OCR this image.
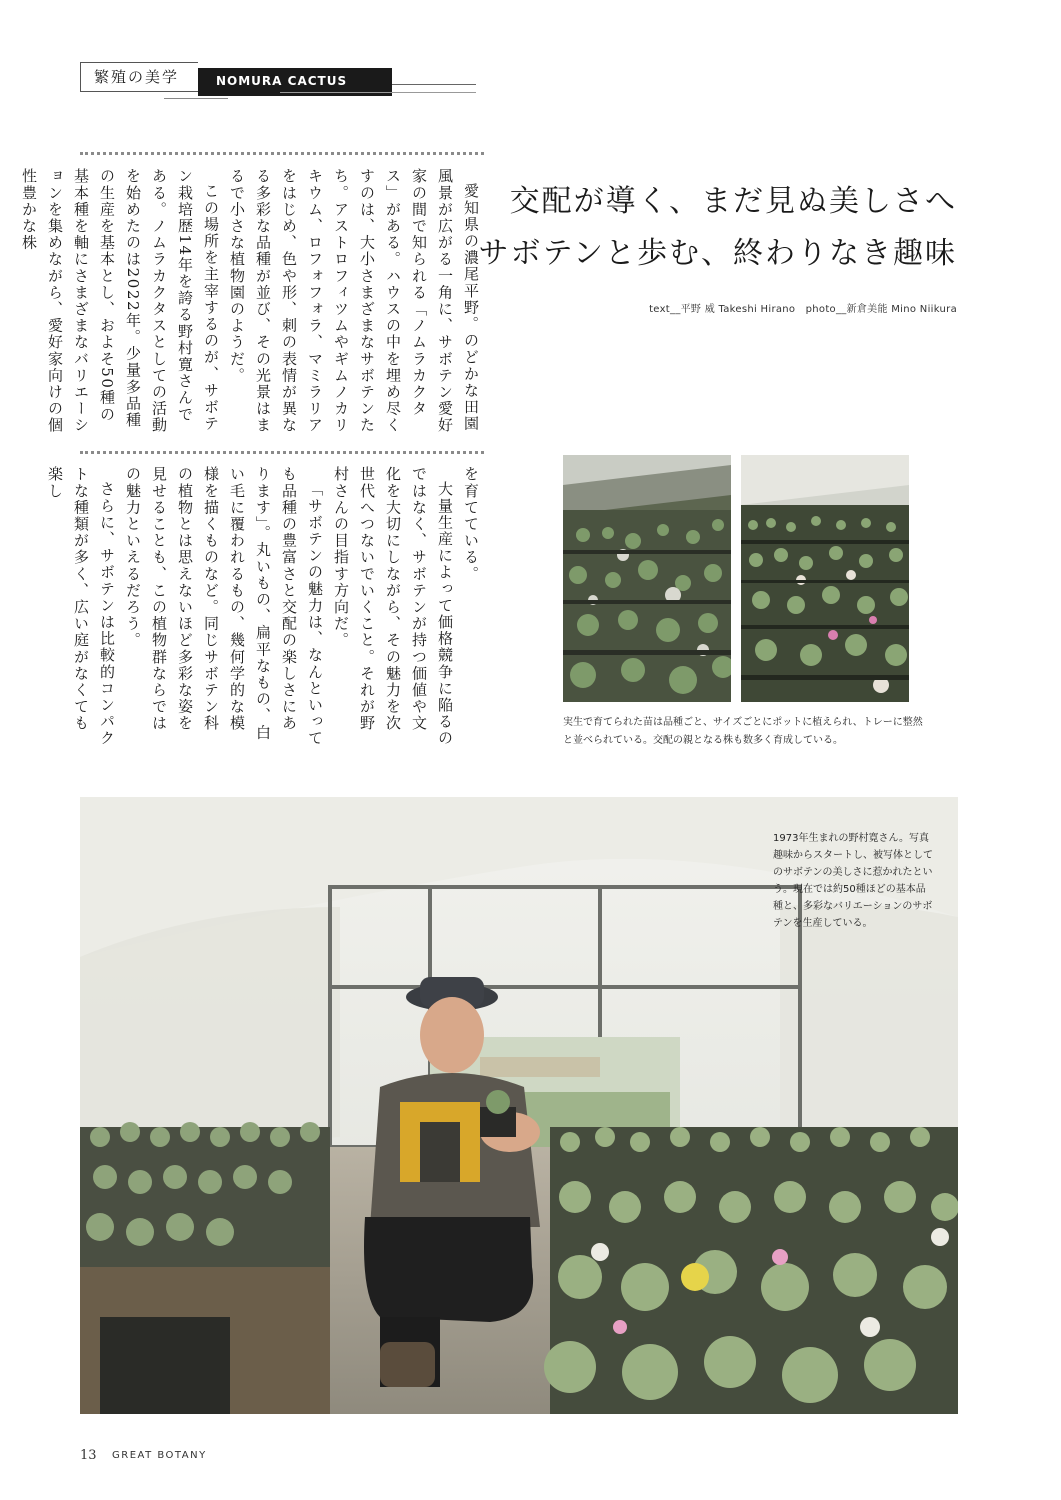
繁殖の美学	NOMURA CACTUS

愛知県の濃尾平野。のどかな田園風景が広がる一角に、サボテン愛好家の間で知られる「ノムラカクタス」がある。ハウスの中を埋め尽くすのは、大小さまざまなサボテンたち。アストロフィツムやギムノカリキウム、ロフォフォラ、マミラリアをはじめ、色や形、刺の表情が異なる多彩な品種が並び、その光景はまるで小さな植物園のようだ。

この場所を主宰するのが、サボテン栽培歴14年を誇る野村寛さんである。ノムラカクタスとしての活動を始めたのは2022年。少量多品種の生産を基本とし、およそ50種の基本種を軸にさまざまなバリエーションを集めながら、愛好家向けの個性豊かな株

を育てている。

大量生産によって価格競争に陥るのではなく、サボテンが持つ価値や文化を大切にしながら、その魅力を次世代へつないでいくこと。それが野村さんの目指す方向だ。

「サボテンの魅力は、なんといっても品種の豊富さと交配の楽しさにあります」。丸いもの、扁平なもの、白い毛に覆われるもの、幾何学的な模様を描くものなど。同じサボテン科の植物とは思えないほど多彩な姿を見せることも、この植物群ならではの魅力といえるだろう。

さらに、サボテンは比較的コンパクトな種類が多く、広い庭がなくても楽し

交配が導く、まだ見ぬ美しさへ
サボテンと歩む、終わりなき趣味
text__平野 威 Takeshi Hirano　photo__新倉美能 Mino Niikura
実生で育てられた苗は品種ごと、サイズごとにポットに植えられ、トレーに整然と並べられている。交配の親となる株も数多く育成している。
1973年生まれの野村寛さん。写真趣味からスタートし、被写体としてのサボテンの美しさに惹かれたという。現在では約50種ほどの基本品種と、多彩なバリエーションのサボテンを生産している。
13 GREAT BOTANY
